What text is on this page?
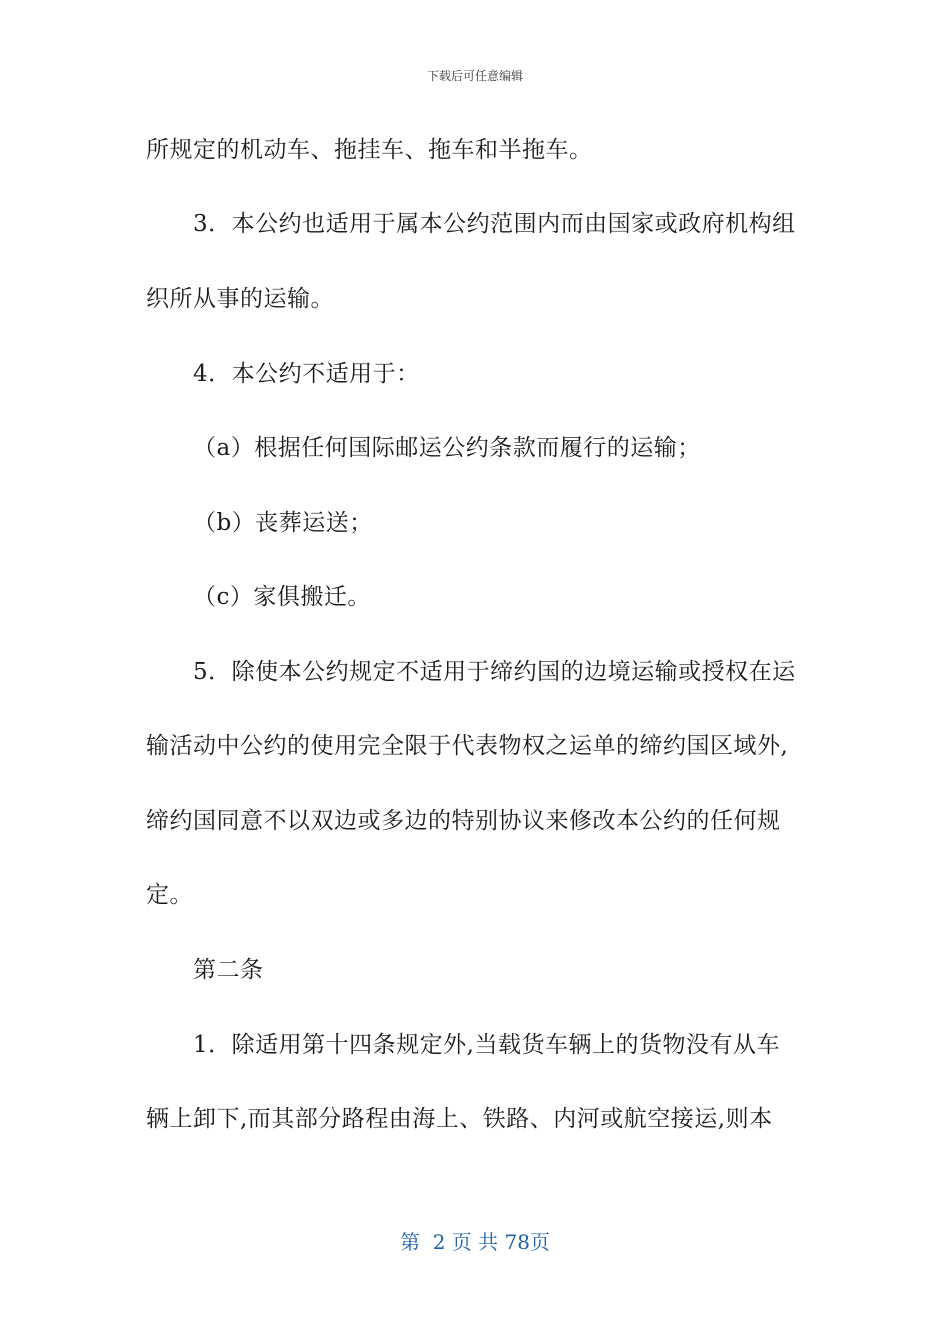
下载后可任意编辑
所规定的机动车、拖挂车、拖车和半拖车。
3．本公约也适用于属本公约范围内而由国家或政府机构组
织所从事的运输。
4．本公约不适用于：
（a）根据任何国际邮运公约条款而履行的运输；
（b）丧葬运送；
（c）家俱搬迁。
5．除使本公约规定不适用于缔约国的边境运输或授权在运
输活动中公约的使用完全限于代表物权之运单的缔约国区域外,
缔约国同意不以双边或多边的特别协议来修改本公约的任何规
定。
第二条
1．除适用第十四条规定外,当载货车辆上的货物没有从车
辆上卸下,而其部分路程由海上、铁路、内河或航空接运,则本
第  2 页 共 78页
